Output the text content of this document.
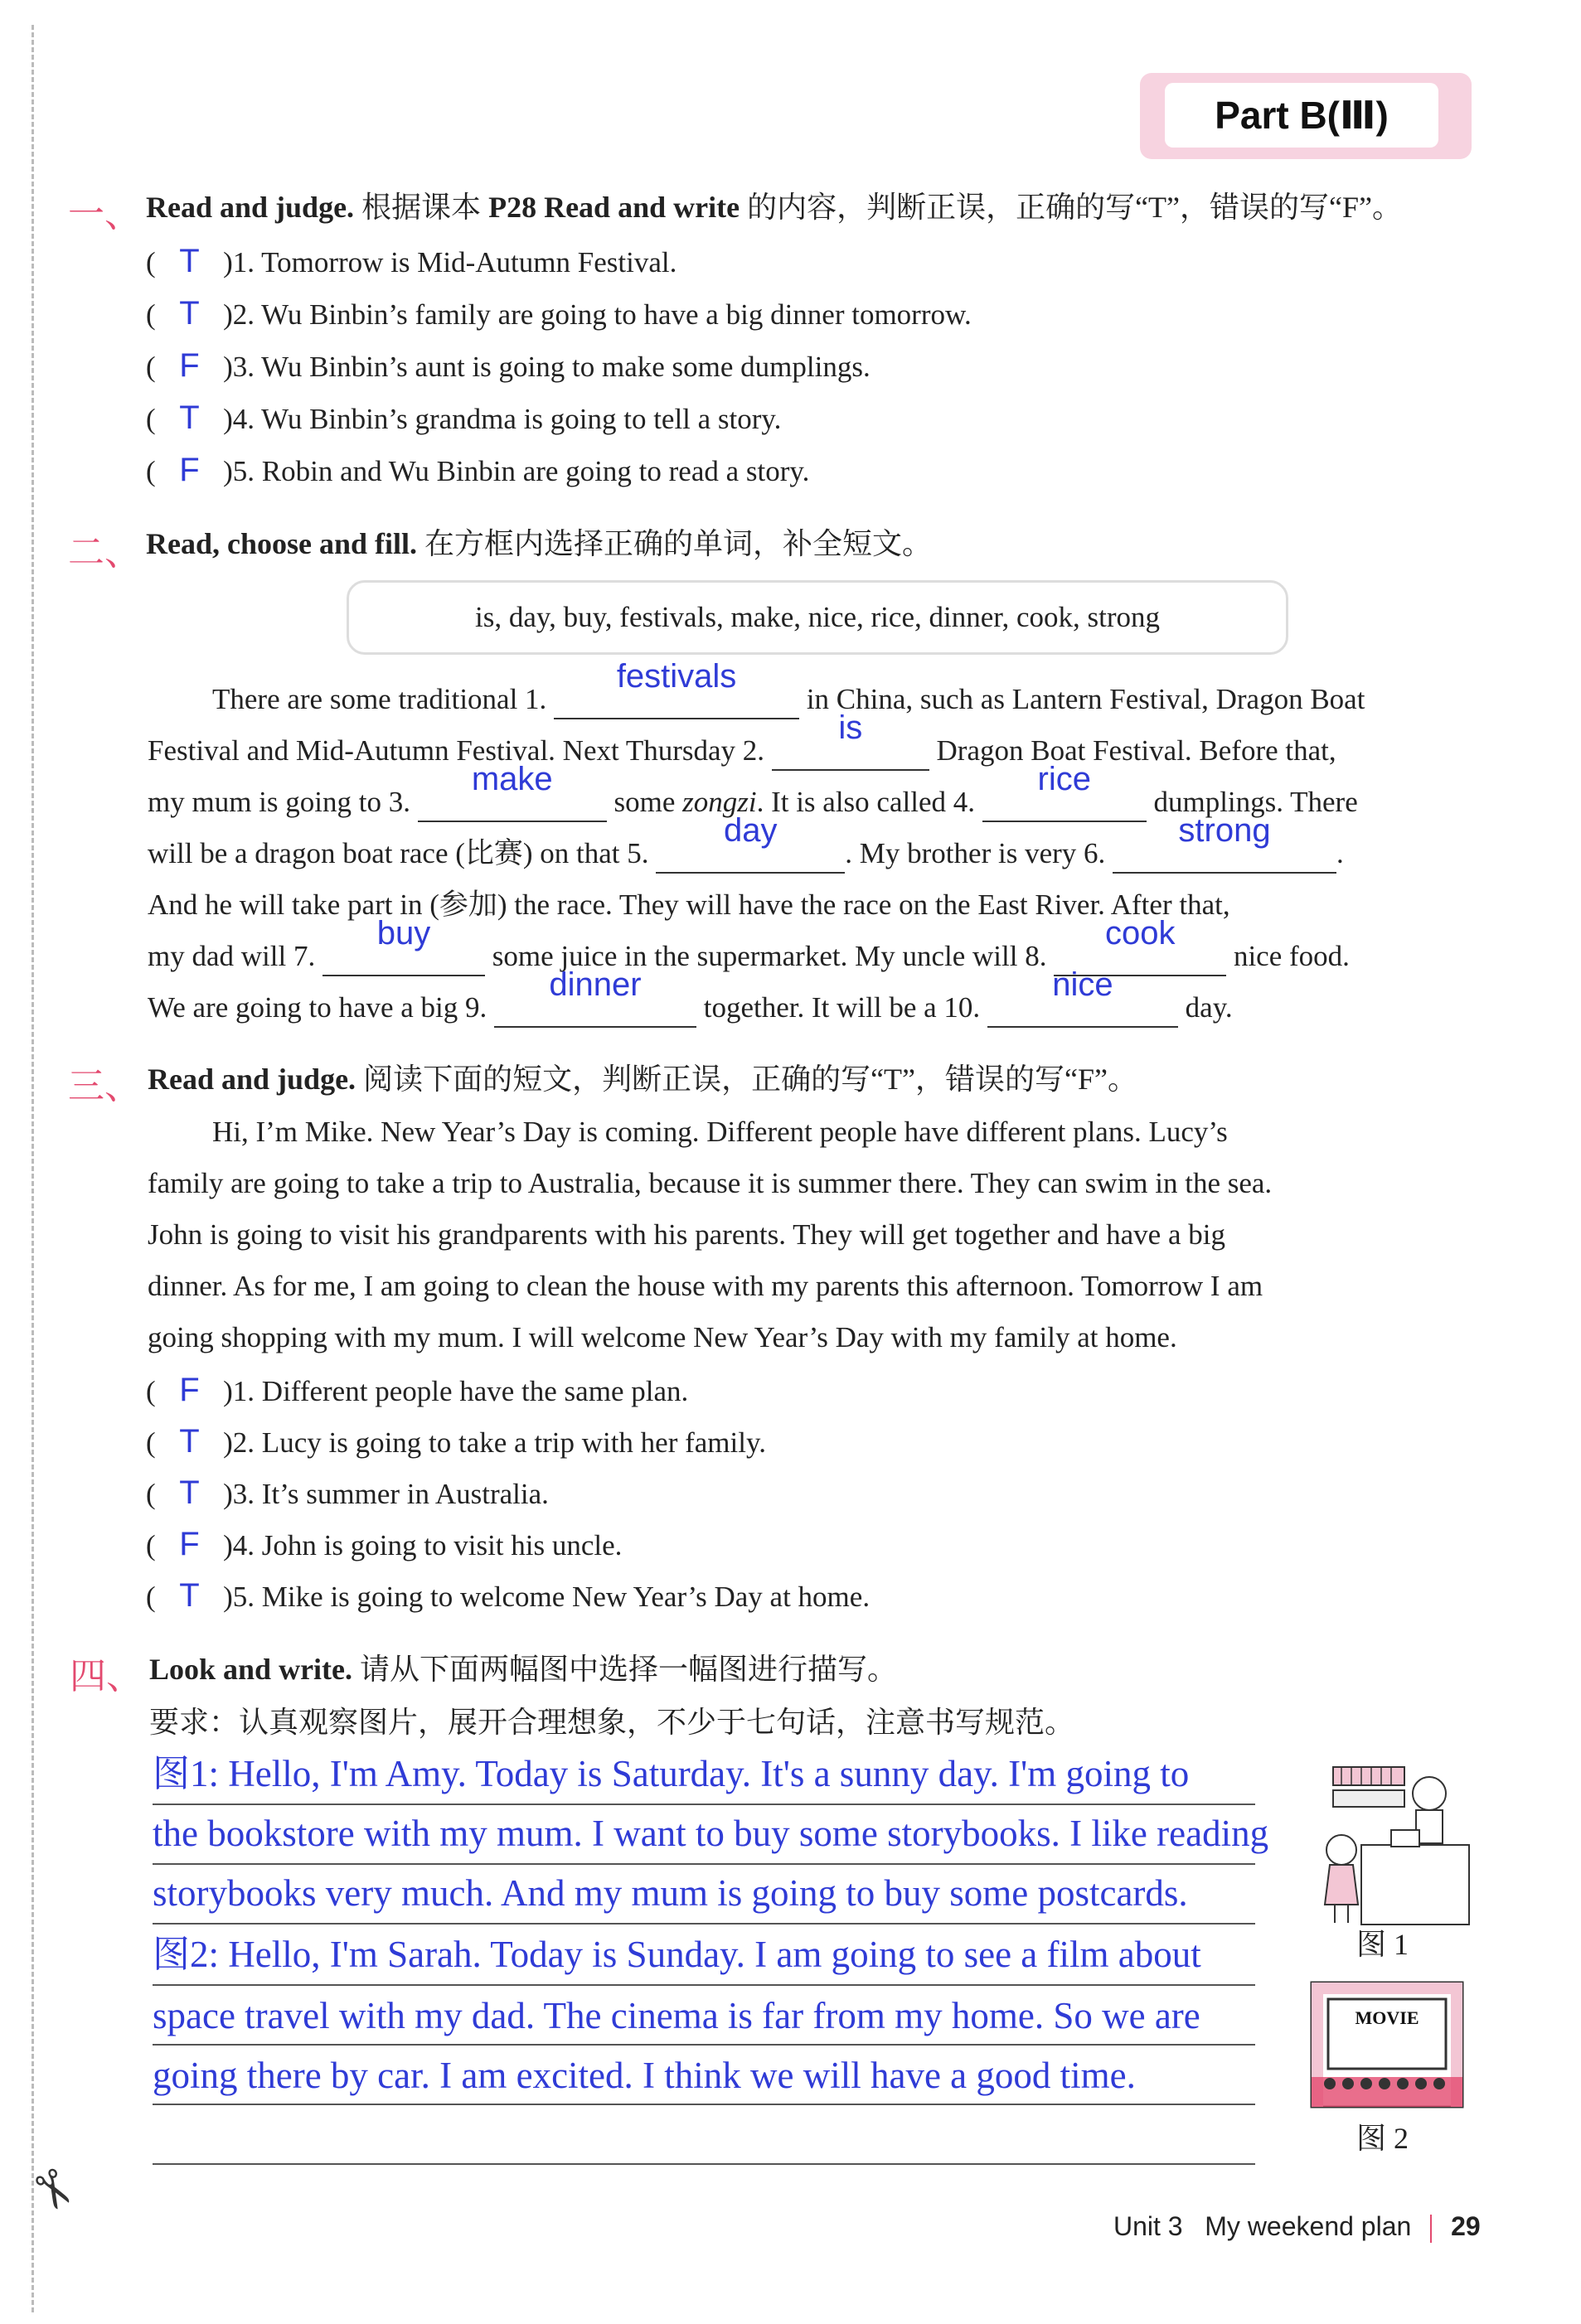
✂
Part B(Ⅲ)
一、 Read and judge. 根据课本 P28 Read and write 的内容，判断正误，正确的写“T”，错误的写“F”。
( T )1. Tomorrow is Mid-Autumn Festival.
( T )2. Wu Binbin’s family are going to have a big dinner tomorrow.
( F )3. Wu Binbin’s aunt is going to make some dumplings.
( T )4. Wu Binbin’s grandma is going to tell a story.
( F )5. Robin and Wu Binbin are going to read a story.
二、 Read, choose and fill. 在方框内选择正确的单词，补全短文。
is, day, buy, festivals, make, nice, rice, dinner, cook, strong
There are some traditional 1.
festivals
in China, such as Lantern Festival, Dragon Boat
Festival and Mid-Autumn Festival. Next Thursday 2.
is
Dragon Boat Festival. Before that,
my mum is going to 3.
make
some zongzi. It is also called 4.
rice
dumplings. There
will be a dragon boat race (比赛) on that 5.
day
. My brother is very 6.
strong
.
And he will take part in (参加) the race. They will have the race on the East River. After that,
my dad will 7.
buy
some juice in the supermarket. My uncle will 8.
cook
nice food.
We are going to have a big 9.
dinner
together. It will be a 10.
nice
day.
三、 Read and judge. 阅读下面的短文，判断正误，正确的写“T”，错误的写“F”。
Hi, I’m Mike. New Year’s Day is coming. Different people have different plans. Lucy’s
family are going to take a trip to Australia, because it is summer there. They can swim in the sea.
John is going to visit his grandparents with his parents. They will get together and have a big
dinner. As for me, I am going to clean the house with my parents this afternoon. Tomorrow I am
going shopping with my mum. I will welcome New Year’s Day with my family at home.
( F )1. Different people have the same plan.
( T )2. Lucy is going to take a trip with her family.
( T )3. It’s summer in Australia.
( F )4. John is going to visit his uncle.
( T )5. Mike is going to welcome New Year’s Day at home.
四、 Look and write. 请从下面两幅图中选择一幅图进行描写。
要求：认真观察图片，展开合理想象，不少于七句话，注意书写规范。
图1: Hello, I'm Amy. Today is Saturday. It's a sunny day. I'm going to
the bookstore with my mum. I want to buy some storybooks. I like reading
storybooks very much. And my mum is going to buy some postcards.
图2: Hello, I'm Sarah. Today is Sunday. I am going to see a film about
space travel with my dad. The cinema is far from my home. So we are
going there by car. I am excited. I think we will have a good time.
图 1
MOVIE
图 2
Unit 3 My weekend plan 29
